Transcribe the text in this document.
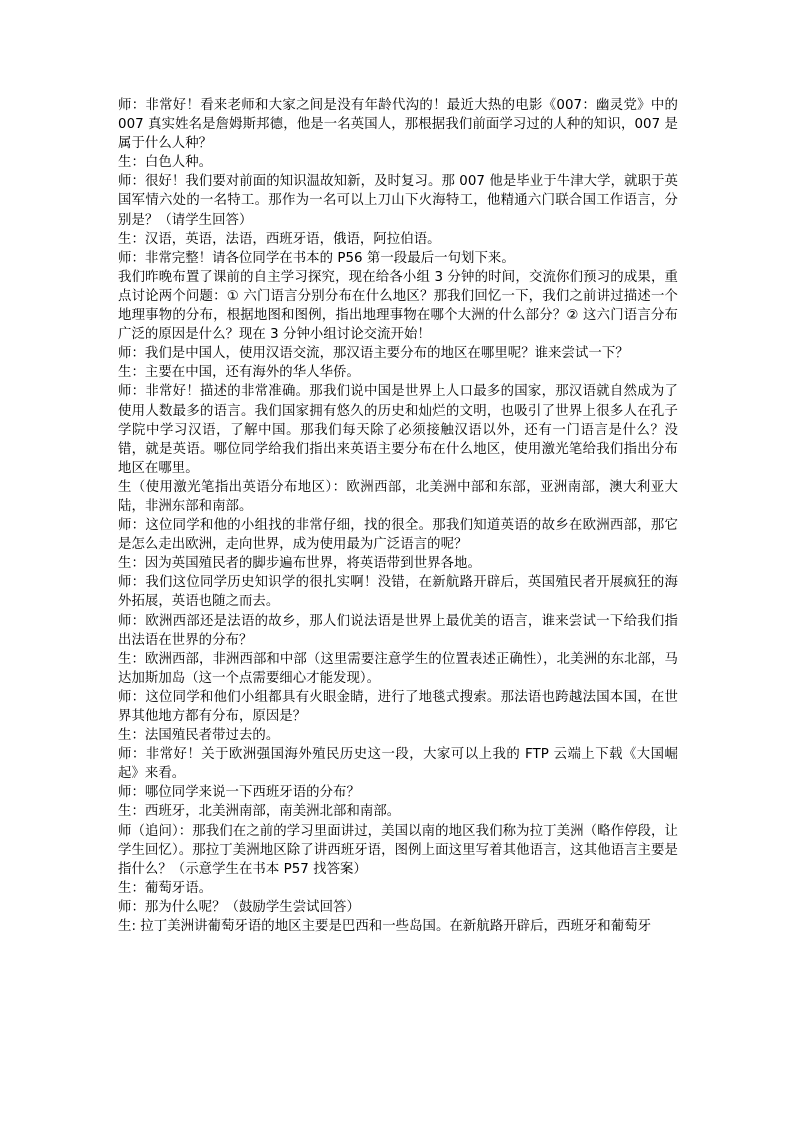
师：非常好！看来老师和大家之间是没有年龄代沟的！最近大热的电影《007：幽灵党》中的 007 真实姓名是詹姆斯邦德，他是一名英国人，那根据我们前面学习过的人种的知识，007 是属于什么人种？

生：白色人种。

师：很好！我们要对前面的知识温故知新，及时复习。那 007 他是毕业于牛津大学，就职于英国军情六处的一名特工。那作为一名可以上刀山下火海特工，他精通六门联合国工作语言，分别是？（请学生回答）

生：汉语，英语，法语，西班牙语，俄语，阿拉伯语。

师：非常完整！请各位同学在书本的 P56 第一段最后一句划下来。

我们昨晚布置了课前的自主学习探究，现在给各小组 3 分钟的时间，交流你们预习的成果，重点讨论两个问题：① 六门语言分别分布在什么地区？那我们回忆一下，我们之前讲过描述一个地理事物的分布，根据地图和图例，指出地理事物在哪个大洲的什么部分？② 这六门语言分布广泛的原因是什么？现在 3 分钟小组讨论交流开始！

师：我们是中国人，使用汉语交流，那汉语主要分布的地区在哪里呢？谁来尝试一下？

生：主要在中国，还有海外的华人华侨。

师：非常好！描述的非常准确。那我们说中国是世界上人口最多的国家，那汉语就自然成为了使用人数最多的语言。我们国家拥有悠久的历史和灿烂的文明，也吸引了世界上很多人在孔子学院中学习汉语，了解中国。那我们每天除了必须接触汉语以外，还有一门语言是什么？没错，就是英语。哪位同学给我们指出来英语主要分布在什么地区，使用激光笔给我们指出分布地区在哪里。

生（使用激光笔指出英语分布地区）：欧洲西部，北美洲中部和东部，亚洲南部，澳大利亚大陆，非洲东部和南部。

师：这位同学和他的小组找的非常仔细，找的很全。那我们知道英语的故乡在欧洲西部，那它是怎么走出欧洲，走向世界，成为使用最为广泛语言的呢？

生：因为英国殖民者的脚步遍布世界，将英语带到世界各地。

师：我们这位同学历史知识学的很扎实啊！没错，在新航路开辟后，英国殖民者开展疯狂的海外拓展，英语也随之而去。

师：欧洲西部还是法语的故乡，那人们说法语是世界上最优美的语言，谁来尝试一下给我们指出法语在世界的分布？

生：欧洲西部，非洲西部和中部（这里需要注意学生的位置表述正确性），北美洲的东北部，马达加斯加岛（这一个点需要细心才能发现）。

师：这位同学和他们小组都具有火眼金睛，进行了地毯式搜索。那法语也跨越法国本国，在世界其他地方都有分布，原因是？

生：法国殖民者带过去的。

师：非常好！关于欧洲强国海外殖民历史这一段，大家可以上我的 FTP 云端上下载《大国崛起》来看。

师：哪位同学来说一下西班牙语的分布？

生：西班牙，北美洲南部，南美洲北部和南部。

师（追问）：那我们在之前的学习里面讲过，美国以南的地区我们称为拉丁美洲（略作停段，让学生回忆）。那拉丁美洲地区除了讲西班牙语，图例上面这里写着其他语言，这其他语言主要是指什么？（示意学生在书本 P57 找答案）

生：葡萄牙语。

师：那为什么呢？（鼓励学生尝试回答）

生: 拉丁美洲讲葡萄牙语的地区主要是巴西和一些岛国。在新航路开辟后，西班牙和葡萄牙
